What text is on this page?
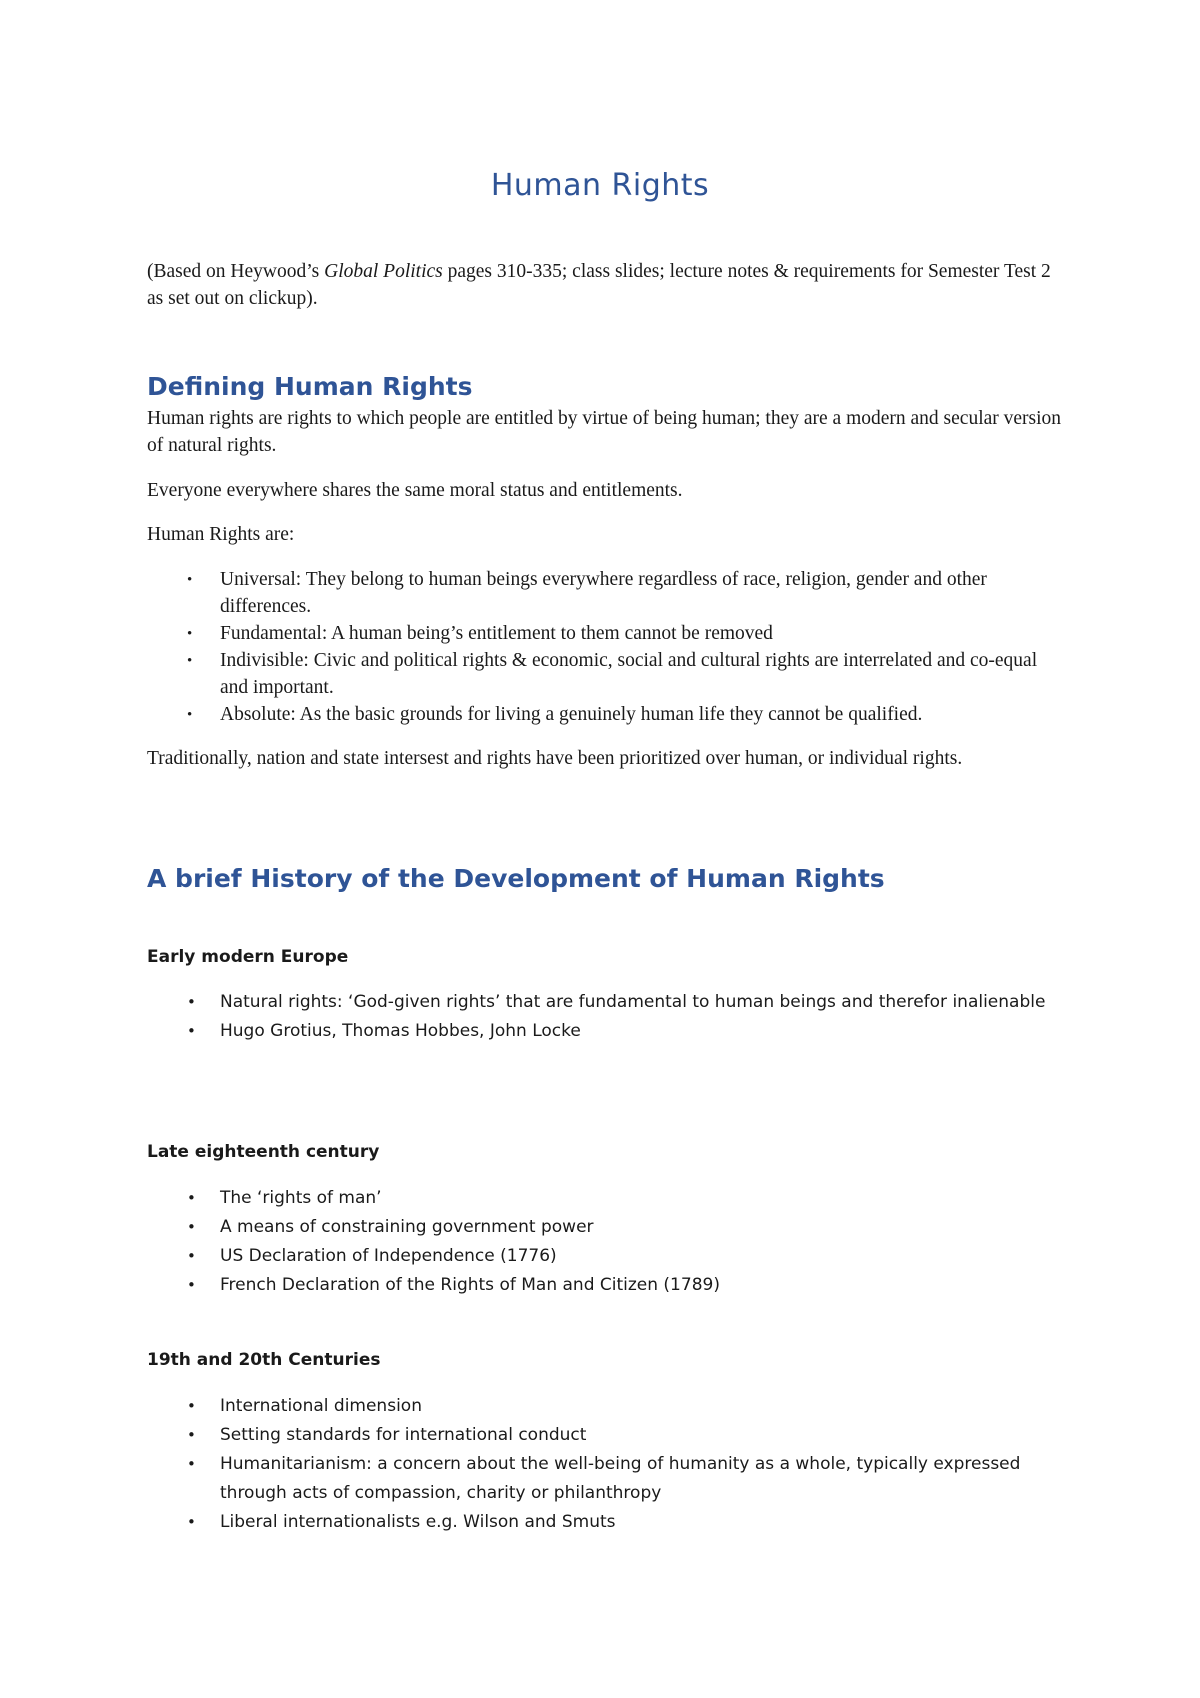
Human Rights

(Based on Heywood’s Global Politics pages 310-335; class slides; lecture notes & requirements for Semester Test 2 as set out on clickup).

Defining Human Rights

Human rights are rights to which people are entitled by virtue of being human; they are a modern and secular version of natural rights.

Everyone everywhere shares the same moral status and entitlements.

Human Rights are:

• Universal: They belong to human beings everywhere regardless of race, religion, gender and other differences.
• Fundamental: A human being’s entitlement to them cannot be removed
• Indivisible: Civic and political rights & economic, social and cultural rights are interrelated and co-equal and important.
• Absolute: As the basic grounds for living a genuinely human life they cannot be qualified.

Traditionally, nation and state intersest and rights have been prioritized over human, or individual rights.

A brief History of the Development of Human Rights
Early modern Europe
• Natural rights: ‘God-given rights’ that are fundamental to human beings and therefor inalienable
• Hugo Grotius, Thomas Hobbes, John Locke
Late eighteenth century
• The ‘rights of man’
• A means of constraining government power
• US Declaration of Independence (1776)
• French Declaration of the Rights of Man and Citizen (1789)
19th and 20th Centuries
• International dimension
• Setting standards for international conduct
• Humanitarianism: a concern about the well-being of humanity as a whole, typically expressed through acts of compassion, charity or philanthropy
• Liberal internationalists e.g. Wilson and Smuts
